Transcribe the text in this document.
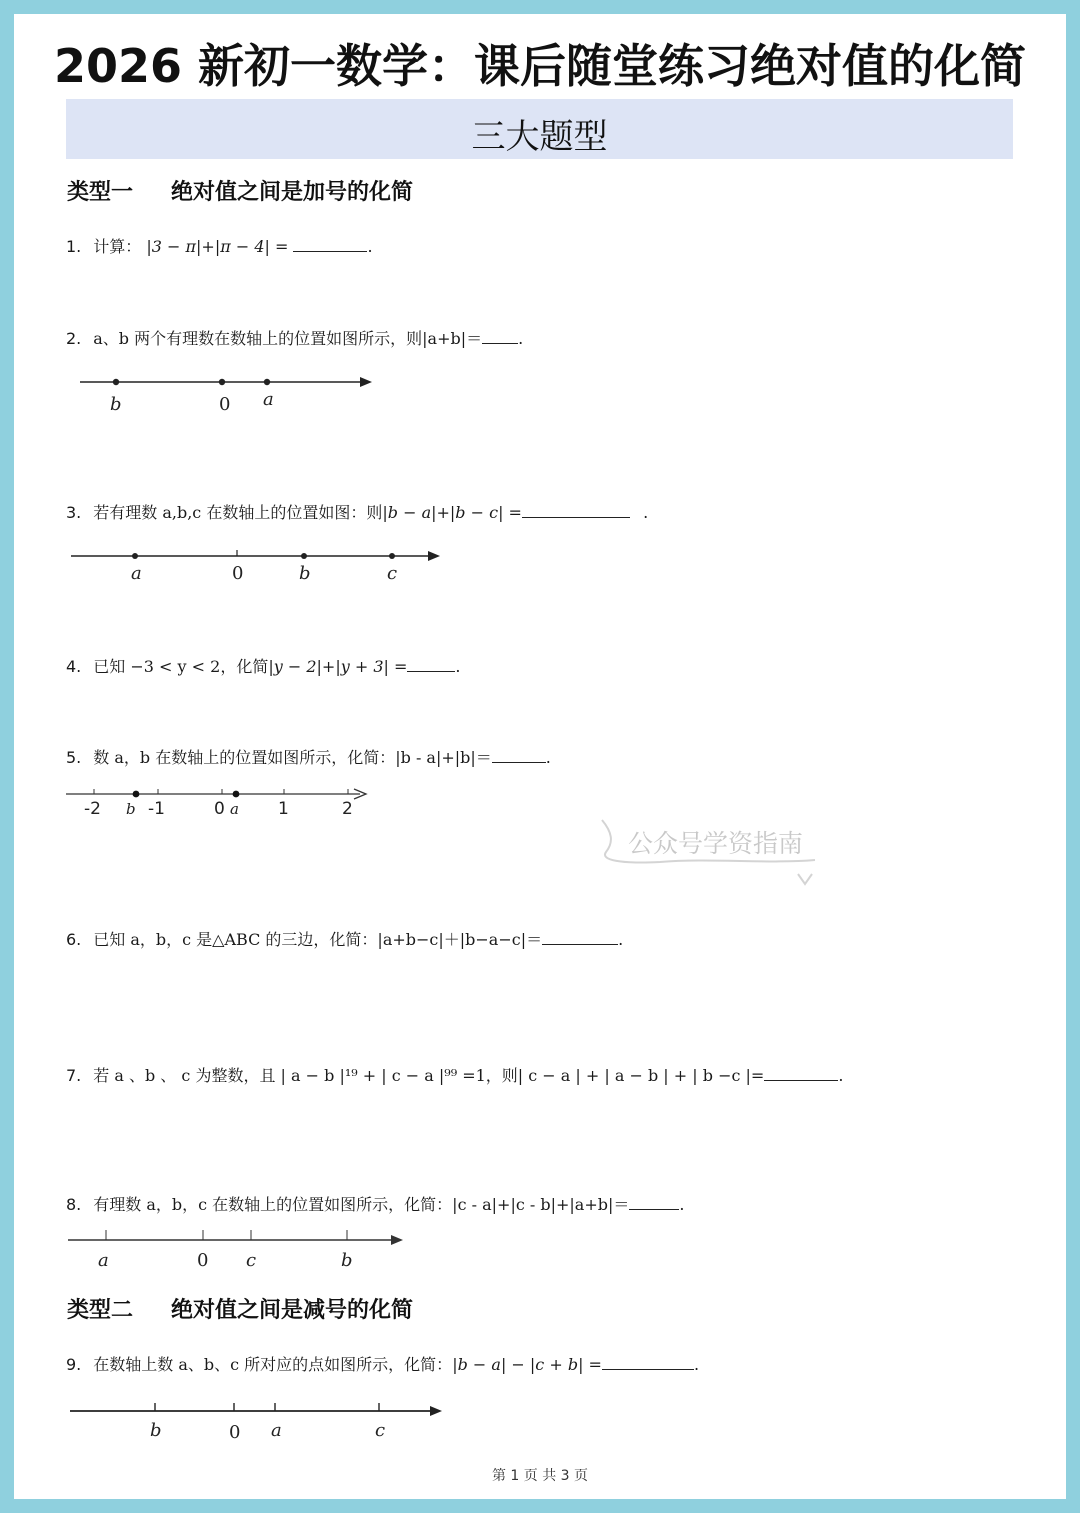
2026 新初一数学：课后随堂练习绝对值的化简
三大题型
类型一 绝对值之间是加号的化简
1. 计算： |3 − π|+|π − 4| =	.
2. a、b 两个有理数在数轴上的位置如图所示，则|a+b|＝ .
b	0 a
3. 若有理数 a,b,c 在数轴上的位置如图：则|b − a|+|b − c| =	.
a	0	b	c
4. 已知 −3 < y < 2，化简|y − 2|+|y + 3| =	.
5. 数 a，b 在数轴上的位置如图所示，化简：|b - a|+|b|＝	.
-2 b -1	0 a 1	2
公众号学资指南
6. 已知 a，b，c 是△ABC 的三边，化简：|a+b−c|＋|b−a−c|＝	.
7. 若 a 、b 、 c 为整数，且 | a − b |¹⁹ + | c − a |⁹⁹ =1，则| c − a | + | a − b | + | b −c |=	.
8. 有理数 a，b，c 在数轴上的位置如图所示，化简：|c - a|+|c - b|+|a+b|＝	.
a	0 c	b
类型二 绝对值之间是减号的化简
9. 在数轴上数 a、b、c 所对应的点如图所示，化简：|b − a| − |c + b| =	.
b	0 a	c
第 1 页 共 3 页
